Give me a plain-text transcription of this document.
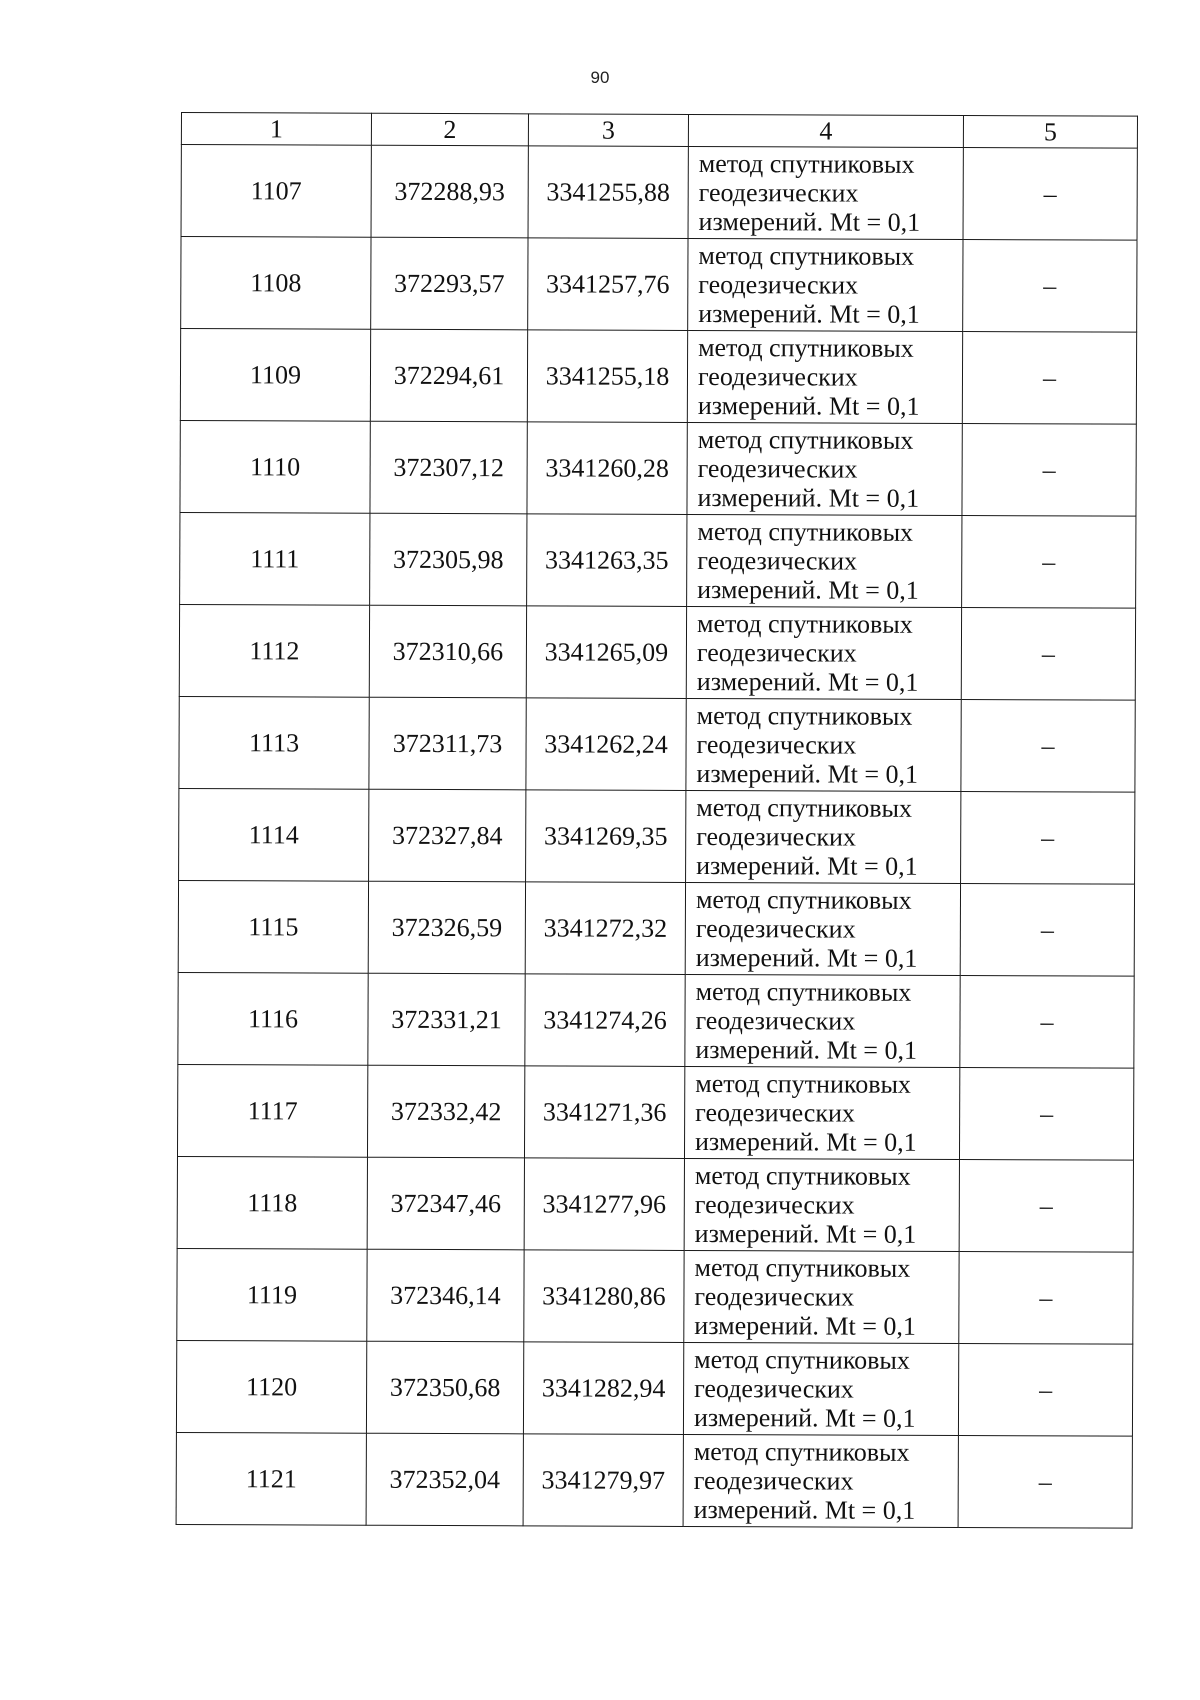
90
1	2	3	4	5
1107	372288,93	3341255,88	метод спутниковых
геодезических
измерений. Mt = 0,1	–
1108	372293,57	3341257,76	метод спутниковых
геодезических
измерений. Mt = 0,1	–
1109	372294,61	3341255,18	метод спутниковых
геодезических
измерений. Mt = 0,1	–
1110	372307,12	3341260,28	метод спутниковых
геодезических
измерений. Mt = 0,1	–
1111	372305,98	3341263,35	метод спутниковых
геодезических
измерений. Mt = 0,1	–
1112	372310,66	3341265,09	метод спутниковых
геодезических
измерений. Mt = 0,1	–
1113	372311,73	3341262,24	метод спутниковых
геодезических
измерений. Mt = 0,1	–
1114	372327,84	3341269,35	метод спутниковых
геодезических
измерений. Mt = 0,1	–
1115	372326,59	3341272,32	метод спутниковых
геодезических
измерений. Mt = 0,1	–
1116	372331,21	3341274,26	метод спутниковых
геодезических
измерений. Mt = 0,1	–
1117	372332,42	3341271,36	метод спутниковых
геодезических
измерений. Mt = 0,1	–
1118	372347,46	3341277,96	метод спутниковых
геодезических
измерений. Mt = 0,1	–
1119	372346,14	3341280,86	метод спутниковых
геодезических
измерений. Mt = 0,1	–
1120	372350,68	3341282,94	метод спутниковых
геодезических
измерений. Mt = 0,1	–
1121	372352,04	3341279,97	метод спутниковых
геодезических
измерений. Mt = 0,1	–
